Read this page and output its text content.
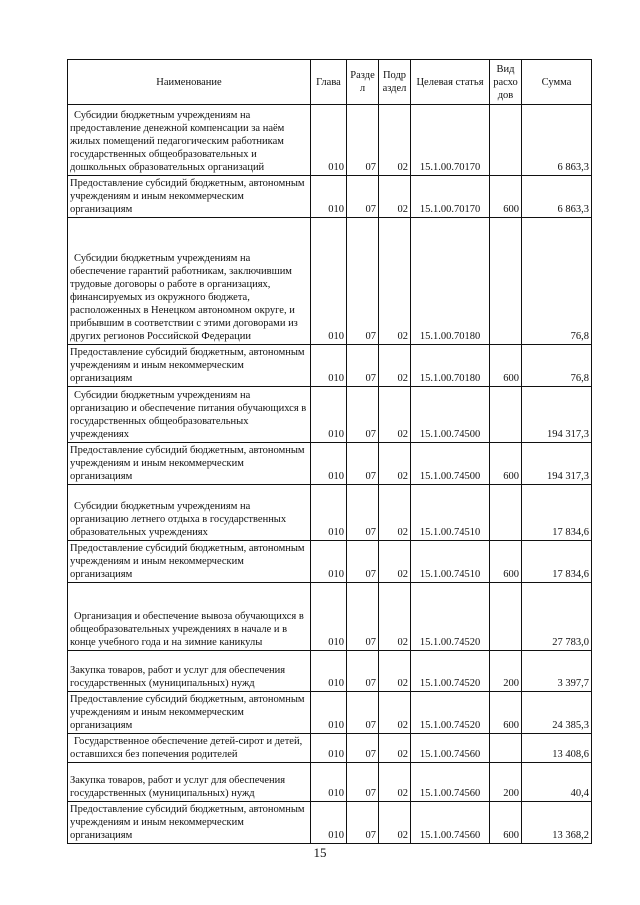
Наименование	Глава	Разде л	Подр аздел	Целевая статья	Вид расхо дов	Сумма
Субсидии бюджетным учреждениям на предоставление денежной компенсации за наём жилых помещений педагогическим работникам государственных общеобразовательных и дошкольных образовательных организаций	010	07	02	15.1.00.70170		6 863,3
Предоставление субсидий бюджетным, автономным учреждениям и иным некоммерческим организациям	010	07	02	15.1.00.70170	600	6 863,3
Субсидии бюджетным учреждениям на обеспечение гарантий работникам, заключившим трудовые договоры о работе в организациях, финансируемых из окружного бюджета, расположенных в Ненецком автономном округе, и прибывшим в соответствии с этими договорами из других регионов Российской Федерации	010	07	02	15.1.00.70180		76,8
Предоставление субсидий бюджетным, автономным учреждениям и иным некоммерческим организациям	010	07	02	15.1.00.70180	600	76,8
Субсидии бюджетным учреждениям на организацию и обеспечение питания обучающихся в государственных общеобразовательных учреждениях	010	07	02	15.1.00.74500		194 317,3
Предоставление субсидий бюджетным, автономным учреждениям и иным некоммерческим организациям	010	07	02	15.1.00.74500	600	194 317,3
Субсидии бюджетным учреждениям на организацию летнего отдыха в государственных образовательных учреждениях	010	07	02	15.1.00.74510		17 834,6
Предоставление субсидий бюджетным, автономным учреждениям и иным некоммерческим организациям	010	07	02	15.1.00.74510	600	17 834,6
Организация и обеспечение вывоза обучающихся в общеобразовательных учреждениях в начале и в конце учебного года и на зимние каникулы	010	07	02	15.1.00.74520		27 783,0
Закупка товаров, работ и услуг для обеспечения государственных (муниципальных) нужд	010	07	02	15.1.00.74520	200	3 397,7
Предоставление субсидий бюджетным, автономным учреждениям и иным некоммерческим организациям	010	07	02	15.1.00.74520	600	24 385,3
Государственное обеспечение детей-сирот и детей, оставшихся без попечения родителей	010	07	02	15.1.00.74560		13 408,6
Закупка товаров, работ и услуг для обеспечения государственных (муниципальных) нужд	010	07	02	15.1.00.74560	200	40,4
Предоставление субсидий бюджетным, автономным учреждениям и иным некоммерческим организациям	010	07	02	15.1.00.74560	600	13 368,2
15
